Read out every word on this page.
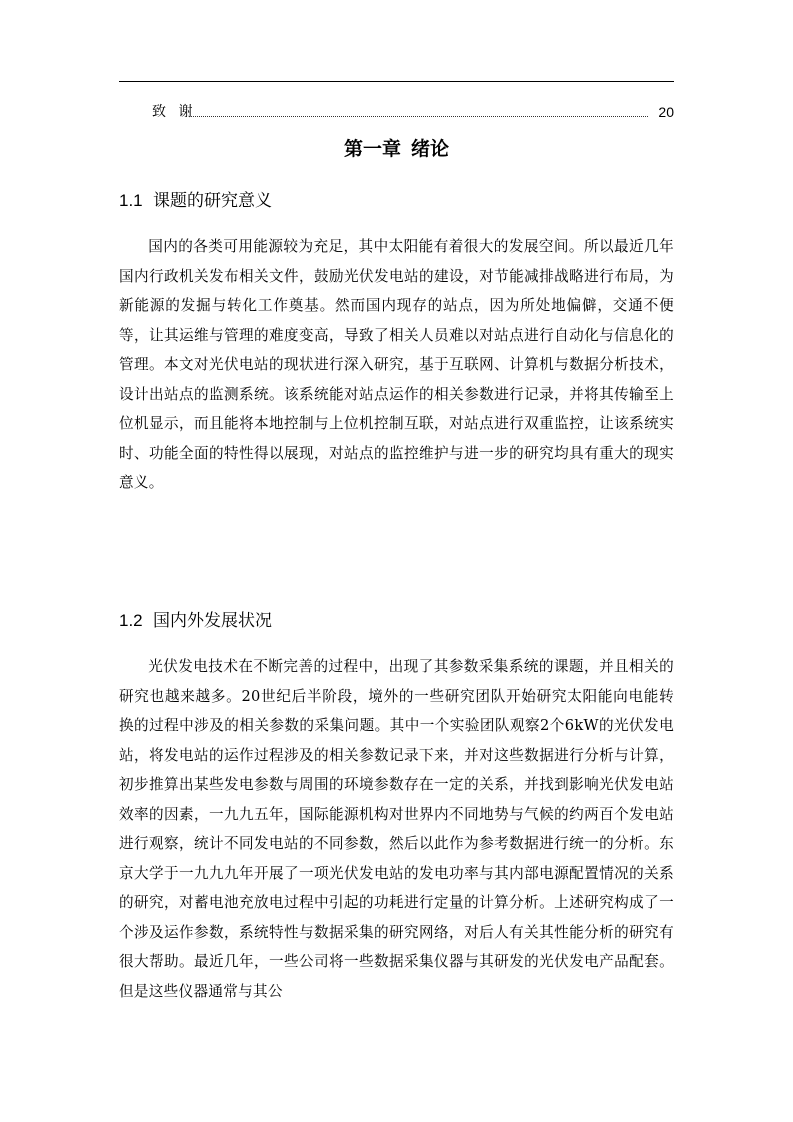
致 谢	20
第一章 绪论
1.1 课题的研究意义
国内的各类可用能源较为充足，其中太阳能有着很大的发展空间。所以最近几年国内行政机关发布相关文件，鼓励光伏发电站的建设，对节能减排战略进行布局，为新能源的发掘与转化工作奠基。然而国内现存的站点，因为所处地偏僻，交通不便等，让其运维与管理的难度变高，导致了相关人员难以对站点进行自动化与信息化的管理。本文对光伏电站的现状进行深入研究，基于互联网、计算机与数据分析技术，设计出站点的监测系统。该系统能对站点运作的相关参数进行记录，并将其传输至上位机显示，而且能将本地控制与上位机控制互联，对站点进行双重监控，让该系统实时、功能全面的特性得以展现，对站点的监控维护与进一步的研究均具有重大的现实意义。
1.2 国内外发展状况
光伏发电技术在不断完善的过程中，出现了其参数采集系统的课题，并且相关的研究也越来越多。20世纪后半阶段，境外的一些研究团队开始研究太阳能向电能转换的过程中涉及的相关参数的采集问题。其中一个实验团队观察2个6kW的光伏发电站，将发电站的运作过程涉及的相关参数记录下来，并对这些数据进行分析与计算，初步推算出某些发电参数与周围的环境参数存在一定的关系，并找到影响光伏发电站效率的因素，一九九五年，国际能源机构对世界内不同地势与气候的约两百个发电站进行观察，统计不同发电站的不同参数，然后以此作为参考数据进行统一的分析。东京大学于一九九九年开展了一项光伏发电站的发电功率与其内部电源配置情况的关系的研究，对蓄电池充放电过程中引起的功耗进行定量的计算分析。上述研究构成了一个涉及运作参数，系统特性与数据采集的研究网络，对后人有关其性能分析的研究有很大帮助。最近几年，一些公司将一些数据采集仪器与其研发的光伏发电产品配套。但是这些仪器通常与其公
